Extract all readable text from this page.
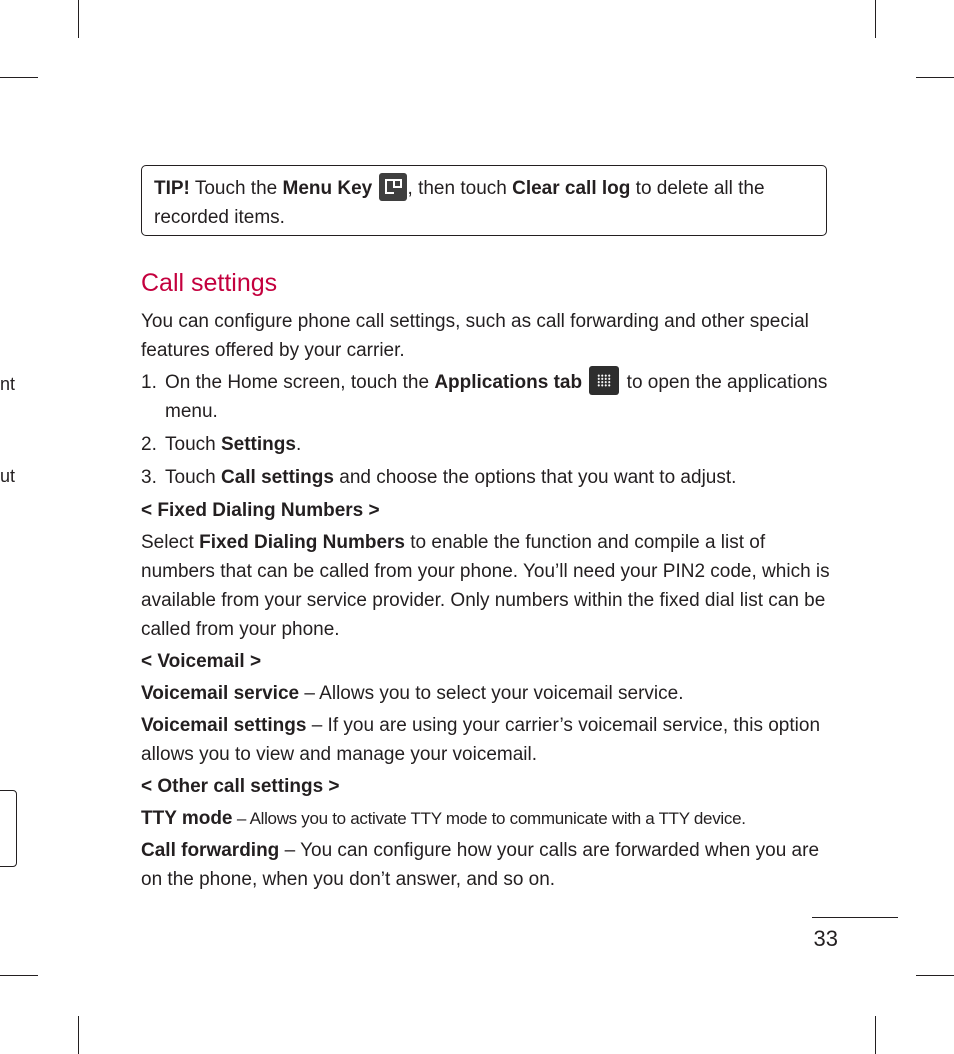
nt
ut
TIP! Touch the Menu Key , then touch Clear call log to delete all the recorded items.
Call settings

You can configure phone call settings, such as call forwarding and other special features offered by your carrier.

1. On the Home screen, touch the Applications tab
to open the applications menu.
2. Touch Settings.
3. Touch Call settings and choose the options that you want to adjust.

< Fixed Dialing Numbers >

Select Fixed Dialing Numbers to enable the function and compile a list of numbers that can be called from your phone. You’ll need your PIN2 code, which is available from your service provider. Only numbers within the fixed dial list can be called from your phone.

< Voicemail >

Voicemail service – Allows you to select your voicemail service.

Voicemail settings – If you are using your carrier’s voicemail service, this option allows you to view and manage your voicemail.

< Other call settings >

TTY mode – Allows you to activate TTY mode to communicate with a TTY device.

Call forwarding – You can configure how your calls are forwarded when you are on the phone, when you don’t answer, and so on.

33
